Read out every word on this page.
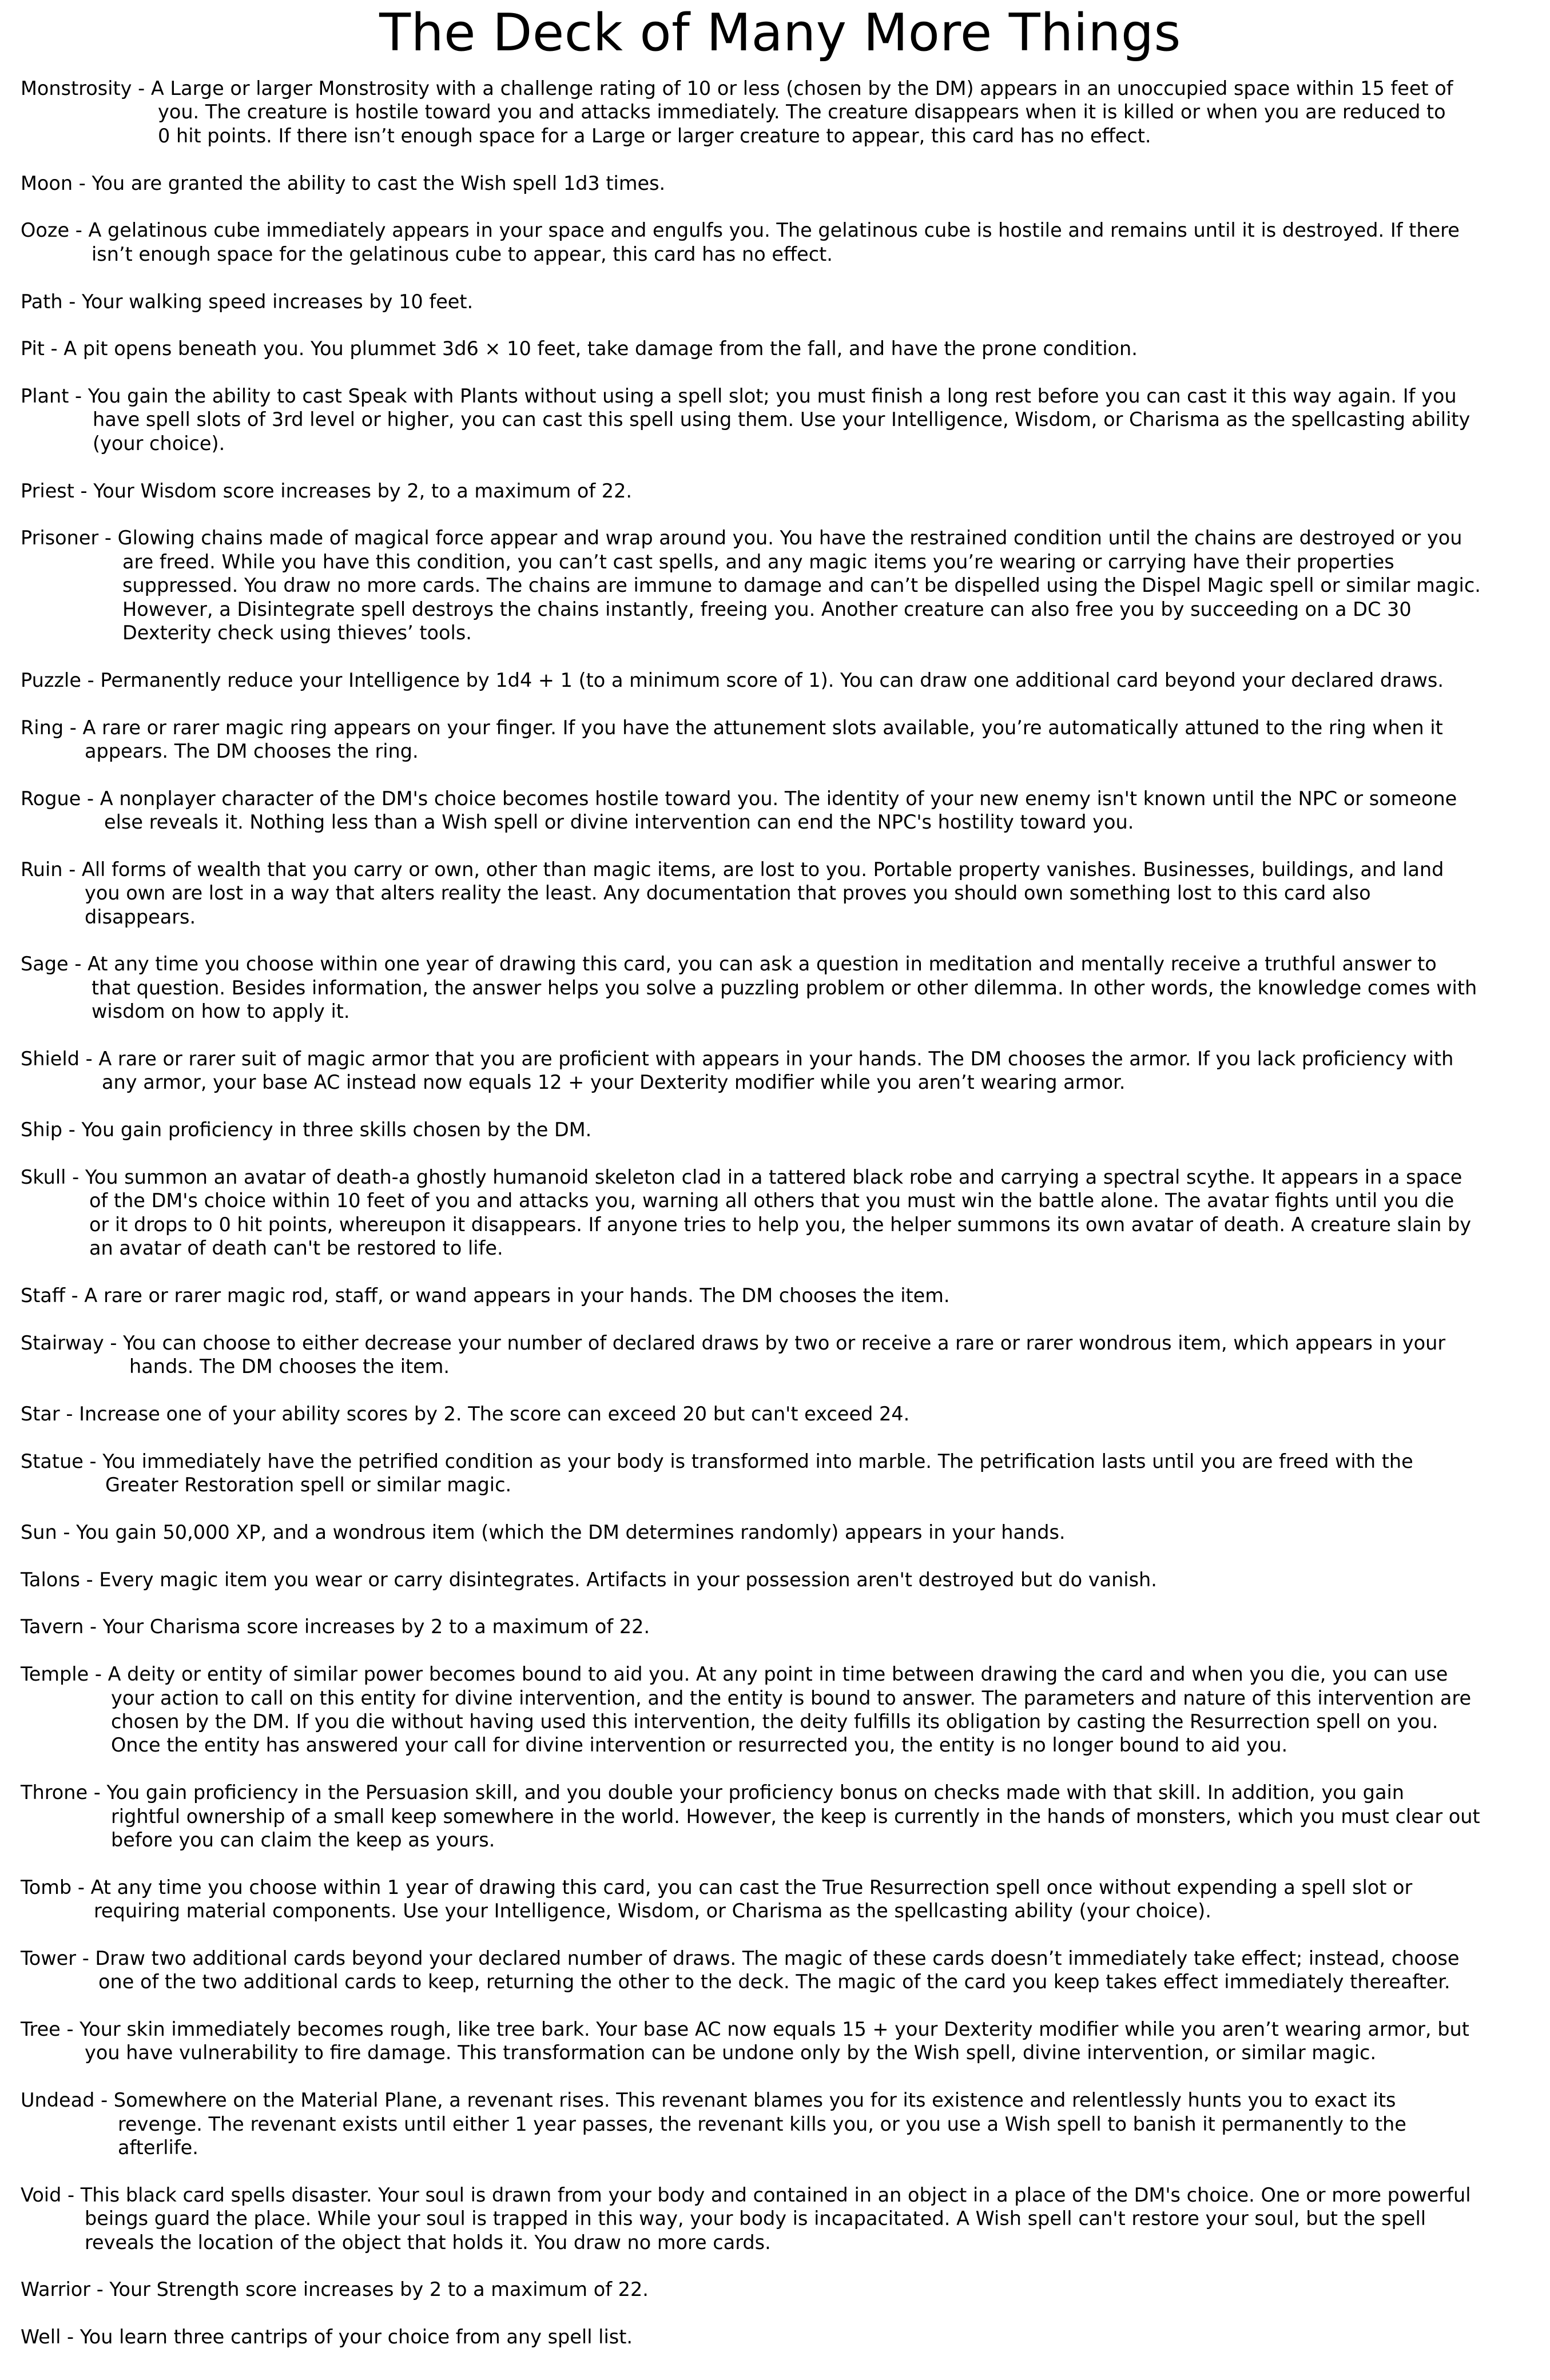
The Deck of Many More Things

Monstrosity - A Large or larger Monstrosity with a challenge rating of 10 or less (chosen by the DM) appears in an unoccupied space within 15 feet of
you. The creature is hostile toward you and attacks immediately. The creature disappears when it is killed or when you are reduced to
0 hit points. If there isn’t enough space for a Large or larger creature to appear, this card has no effect.

Moon - You are granted the ability to cast the Wish spell 1d3 times.

Ooze - A gelatinous cube immediately appears in your space and engulfs you. The gelatinous cube is hostile and remains until it is destroyed. If there
isn’t enough space for the gelatinous cube to appear, this card has no effect.

Path - Your walking speed increases by 10 feet.

Pit - A pit opens beneath you. You plummet 3d6 × 10 feet, take damage from the fall, and have the prone condition.

Plant - You gain the ability to cast Speak with Plants without using a spell slot; you must finish a long rest before you can cast it this way again. If you
have spell slots of 3rd level or higher, you can cast this spell using them. Use your Intelligence, Wisdom, or Charisma as the spellcasting ability
(your choice).

Priest - Your Wisdom score increases by 2, to a maximum of 22.

Prisoner - Glowing chains made of magical force appear and wrap around you. You have the restrained condition until the chains are destroyed or you
are freed. While you have this condition, you can’t cast spells, and any magic items you’re wearing or carrying have their properties
suppressed. You draw no more cards. The chains are immune to damage and can’t be dispelled using the Dispel Magic spell or similar magic.
However, a Disintegrate spell destroys the chains instantly, freeing you. Another creature can also free you by succeeding on a DC 30
Dexterity check using thieves’ tools.

Puzzle - Permanently reduce your Intelligence by 1d4 + 1 (to a minimum score of 1). You can draw one additional card beyond your declared draws.

Ring - A rare or rarer magic ring appears on your finger. If you have the attunement slots available, you’re automatically attuned to the ring when it
appears. The DM chooses the ring.

Rogue - A nonplayer character of the DM's choice becomes hostile toward you. The identity of your new enemy isn't known until the NPC or someone
else reveals it. Nothing less than a Wish spell or divine intervention can end the NPC's hostility toward you.

Ruin - All forms of wealth that you carry or own, other than magic items, are lost to you. Portable property vanishes. Businesses, buildings, and land
you own are lost in a way that alters reality the least. Any documentation that proves you should own something lost to this card also
disappears.

Sage - At any time you choose within one year of drawing this card, you can ask a question in meditation and mentally receive a truthful answer to
that question. Besides information, the answer helps you solve a puzzling problem or other dilemma. In other words, the knowledge comes with
wisdom on how to apply it.

Shield - A rare or rarer suit of magic armor that you are proficient with appears in your hands. The DM chooses the armor. If you lack proficiency with
any armor, your base AC instead now equals 12 + your Dexterity modifier while you aren’t wearing armor.

Ship - You gain proficiency in three skills chosen by the DM.

Skull - You summon an avatar of death-a ghostly humanoid skeleton clad in a tattered black robe and carrying a spectral scythe. It appears in a space
of the DM's choice within 10 feet of you and attacks you, warning all others that you must win the battle alone. The avatar fights until you die
or it drops to 0 hit points, whereupon it disappears. If anyone tries to help you, the helper summons its own avatar of death. A creature slain by
an avatar of death can't be restored to life.

Staff - A rare or rarer magic rod, staff, or wand appears in your hands. The DM chooses the item.

Stairway - You can choose to either decrease your number of declared draws by two or receive a rare or rarer wondrous item, which appears in your
hands. The DM chooses the item.

Star - Increase one of your ability scores by 2. The score can exceed 20 but can't exceed 24.

Statue - You immediately have the petrified condition as your body is transformed into marble. The petrification lasts until you are freed with the
Greater Restoration spell or similar magic.

Sun - You gain 50,000 XP, and a wondrous item (which the DM determines randomly) appears in your hands.

Talons - Every magic item you wear or carry disintegrates. Artifacts in your possession aren't destroyed but do vanish.

Tavern - Your Charisma score increases by 2 to a maximum of 22.

Temple - A deity or entity of similar power becomes bound to aid you. At any point in time between drawing the card and when you die, you can use
your action to call on this entity for divine intervention, and the entity is bound to answer. The parameters and nature of this intervention are
chosen by the DM. If you die without having used this intervention, the deity fulfills its obligation by casting the Resurrection spell on you.
Once the entity has answered your call for divine intervention or resurrected you, the entity is no longer bound to aid you.

Throne - You gain proficiency in the Persuasion skill, and you double your proficiency bonus on checks made with that skill. In addition, you gain
rightful ownership of a small keep somewhere in the world. However, the keep is currently in the hands of monsters, which you must clear out
before you can claim the keep as yours.

Tomb - At any time you choose within 1 year of drawing this card, you can cast the True Resurrection spell once without expending a spell slot or
requiring material components. Use your Intelligence, Wisdom, or Charisma as the spellcasting ability (your choice).

Tower - Draw two additional cards beyond your declared number of draws. The magic of these cards doesn’t immediately take effect; instead, choose
one of the two additional cards to keep, returning the other to the deck. The magic of the card you keep takes effect immediately thereafter.

Tree - Your skin immediately becomes rough, like tree bark. Your base AC now equals 15 + your Dexterity modifier while you aren’t wearing armor, but
you have vulnerability to fire damage. This transformation can be undone only by the Wish spell, divine intervention, or similar magic.

Undead - Somewhere on the Material Plane, a revenant rises. This revenant blames you for its existence and relentlessly hunts you to exact its
revenge. The revenant exists until either 1 year passes, the revenant kills you, or you use a Wish spell to banish it permanently to the
afterlife.

Void - This black card spells disaster. Your soul is drawn from your body and contained in an object in a place of the DM's choice. One or more powerful
beings guard the place. While your soul is trapped in this way, your body is incapacitated. A Wish spell can't restore your soul, but the spell
reveals the location of the object that holds it. You draw no more cards.

Warrior - Your Strength score increases by 2 to a maximum of 22.

Well - You learn three cantrips of your choice from any spell list.
